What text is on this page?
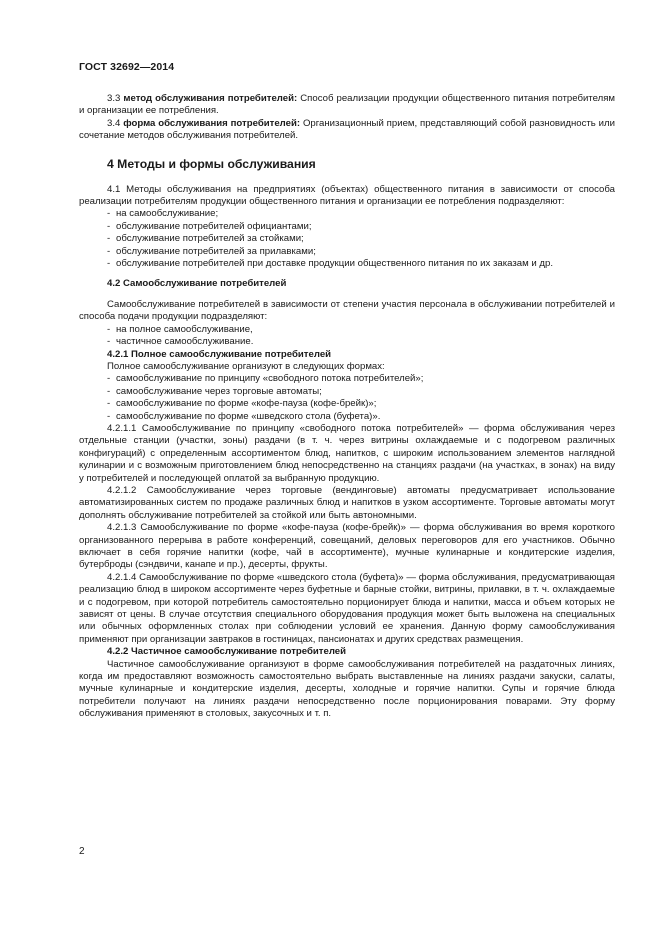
ГОСТ 32692—2014

3.3 метод обслуживания потребителей: Способ реализации продукции общественного питания потребителям и организации ее потребления.

3.4 форма обслуживания потребителей: Организационный прием, представляющий собой разновидность или сочетание методов обслуживания потребителей.

4 Методы и формы обслуживания

4.1 Методы обслуживания на предприятиях (объектах) общественного питания в зависимости от способа реализации потребителям продукции общественного питания и организации ее потребления подразделяют:

- на самообслуживание;
- обслуживание потребителей официантами;
- обслуживание потребителей за стойками;
- обслуживание потребителей за прилавками;
- обслуживание потребителей при доставке продукции общественного питания по их заказам и др.
4.2 Самообслуживание потребителей

Самообслуживание потребителей в зависимости от степени участия персонала в обслуживании потребителей и способа подачи продукции подразделяют:

- на полное самообслуживание,
- частичное самообслуживание.
4.2.1 Полное самообслуживание потребителей

Полное самообслуживание организуют в следующих формах:

- самообслуживание по принципу «свободного потока потребителей»;
- самообслуживание через торговые автоматы;
- самообслуживание по форме «кофе-пауза (кофе-брейк)»;
- самообслуживание по форме «шведского стола (буфета)».

4.2.1.1 Самообслуживание по принципу «свободного потока потребителей» — форма обслуживания через отдельные станции (участки, зоны) раздачи (в т. ч. через витрины охлаждаемые и с подогревом различных конфигураций) с определенным ассортиментом блюд, напитков, с широким использованием элементов наглядной кулинарии и с возможным приготовлением блюд непосредственно на станциях раздачи (на участках, в зонах) на виду у потребителей и последующей оплатой за выбранную продукцию.

4.2.1.2 Самообслуживание через торговые (вендинговые) автоматы предусматривает использование автоматизированных систем по продаже различных блюд и напитков в узком ассортименте. Торговые автоматы могут дополнять обслуживание потребителей за стойкой или быть автономными.

4.2.1.3 Самообслуживание по форме «кофе-пауза (кофе-брейк)» — форма обслуживания во время короткого организованного перерыва в работе конференций, совещаний, деловых переговоров для его участников. Обычно включает в себя горячие напитки (кофе, чай в ассортименте), мучные кулинарные и кондитерские изделия, бутерброды (сэндвичи, канапе и пр.), десерты, фрукты.

4.2.1.4 Самообслуживание по форме «шведского стола (буфета)» — форма обслуживания, предусматривающая реализацию блюд в широком ассортименте через буфетные и барные стойки, витрины, прилавки, в т. ч. охлаждаемые и с подогревом, при которой потребитель самостоятельно порционирует блюда и напитки, масса и объем которых не зависят от цены. В случае отсутствия специального оборудования продукция может быть выложена на специальных или обычных оформленных столах при соблюдении условий ее хранения. Данную форму самообслуживания применяют при организации завтраков в гостиницах, пансионатах и других средствах размещения.

4.2.2 Частичное самообслуживание потребителей

Частичное самообслуживание организуют в форме самообслуживания потребителей на раздаточных линиях, когда им предоставляют возможность самостоятельно выбрать выставленные на линиях раздачи закуски, салаты, мучные кулинарные и кондитерские изделия, десерты, холодные и горячие напитки. Супы и горячие блюда потребители получают на линиях раздачи непосредственно после порционирования поварами. Эту форму обслуживания применяют в столовых, закусочных и т. п.

2
